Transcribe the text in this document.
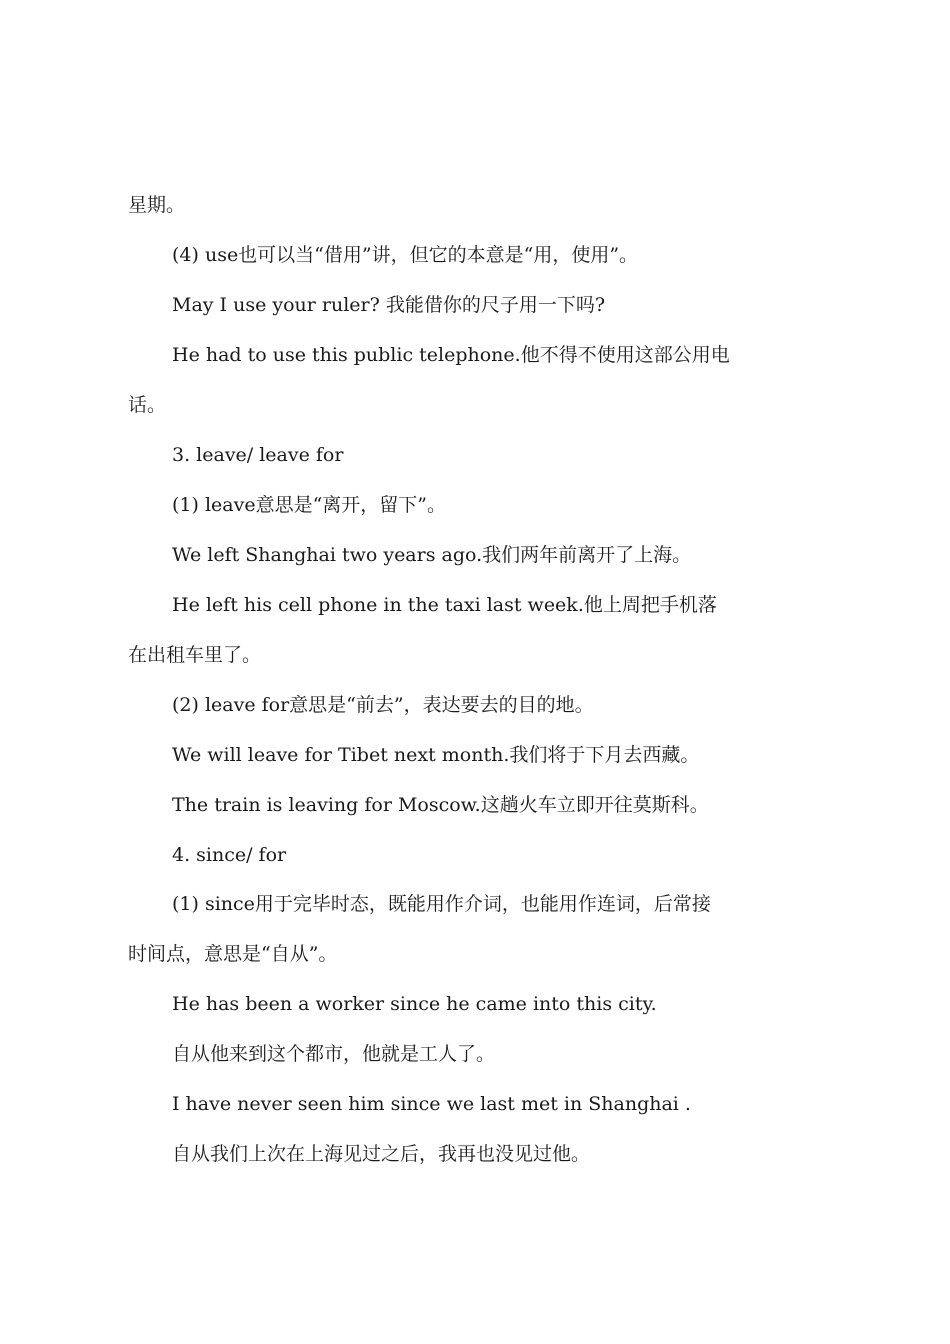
星期。

(4) use也可以当“借用”讲，但它的本意是“用，使用”。

May I use your ruler? 我能借你的尺子用一下吗?

He had to use this public telephone.他不得不使用这部公用电

话。

3. leave/ leave for

(1) leave意思是“离开，留下”。

We left Shanghai two years ago.我们两年前离开了上海。

He left his cell phone in the taxi last week.他上周把手机落

在出租车里了。

(2) leave for意思是“前去”，表达要去的目的地。

We will leave for Tibet next month.我们将于下月去西藏。

The train is leaving for Moscow.这趟火车立即开往莫斯科。

4. since/ for

(1) since用于完毕时态，既能用作介词，也能用作连词，后常接

时间点，意思是“自从”。

He has been a worker since he came into this city.

自从他来到这个都市，他就是工人了。

I have never seen him since we last met in Shanghai .

自从我们上次在上海见过之后，我再也没见过他。
